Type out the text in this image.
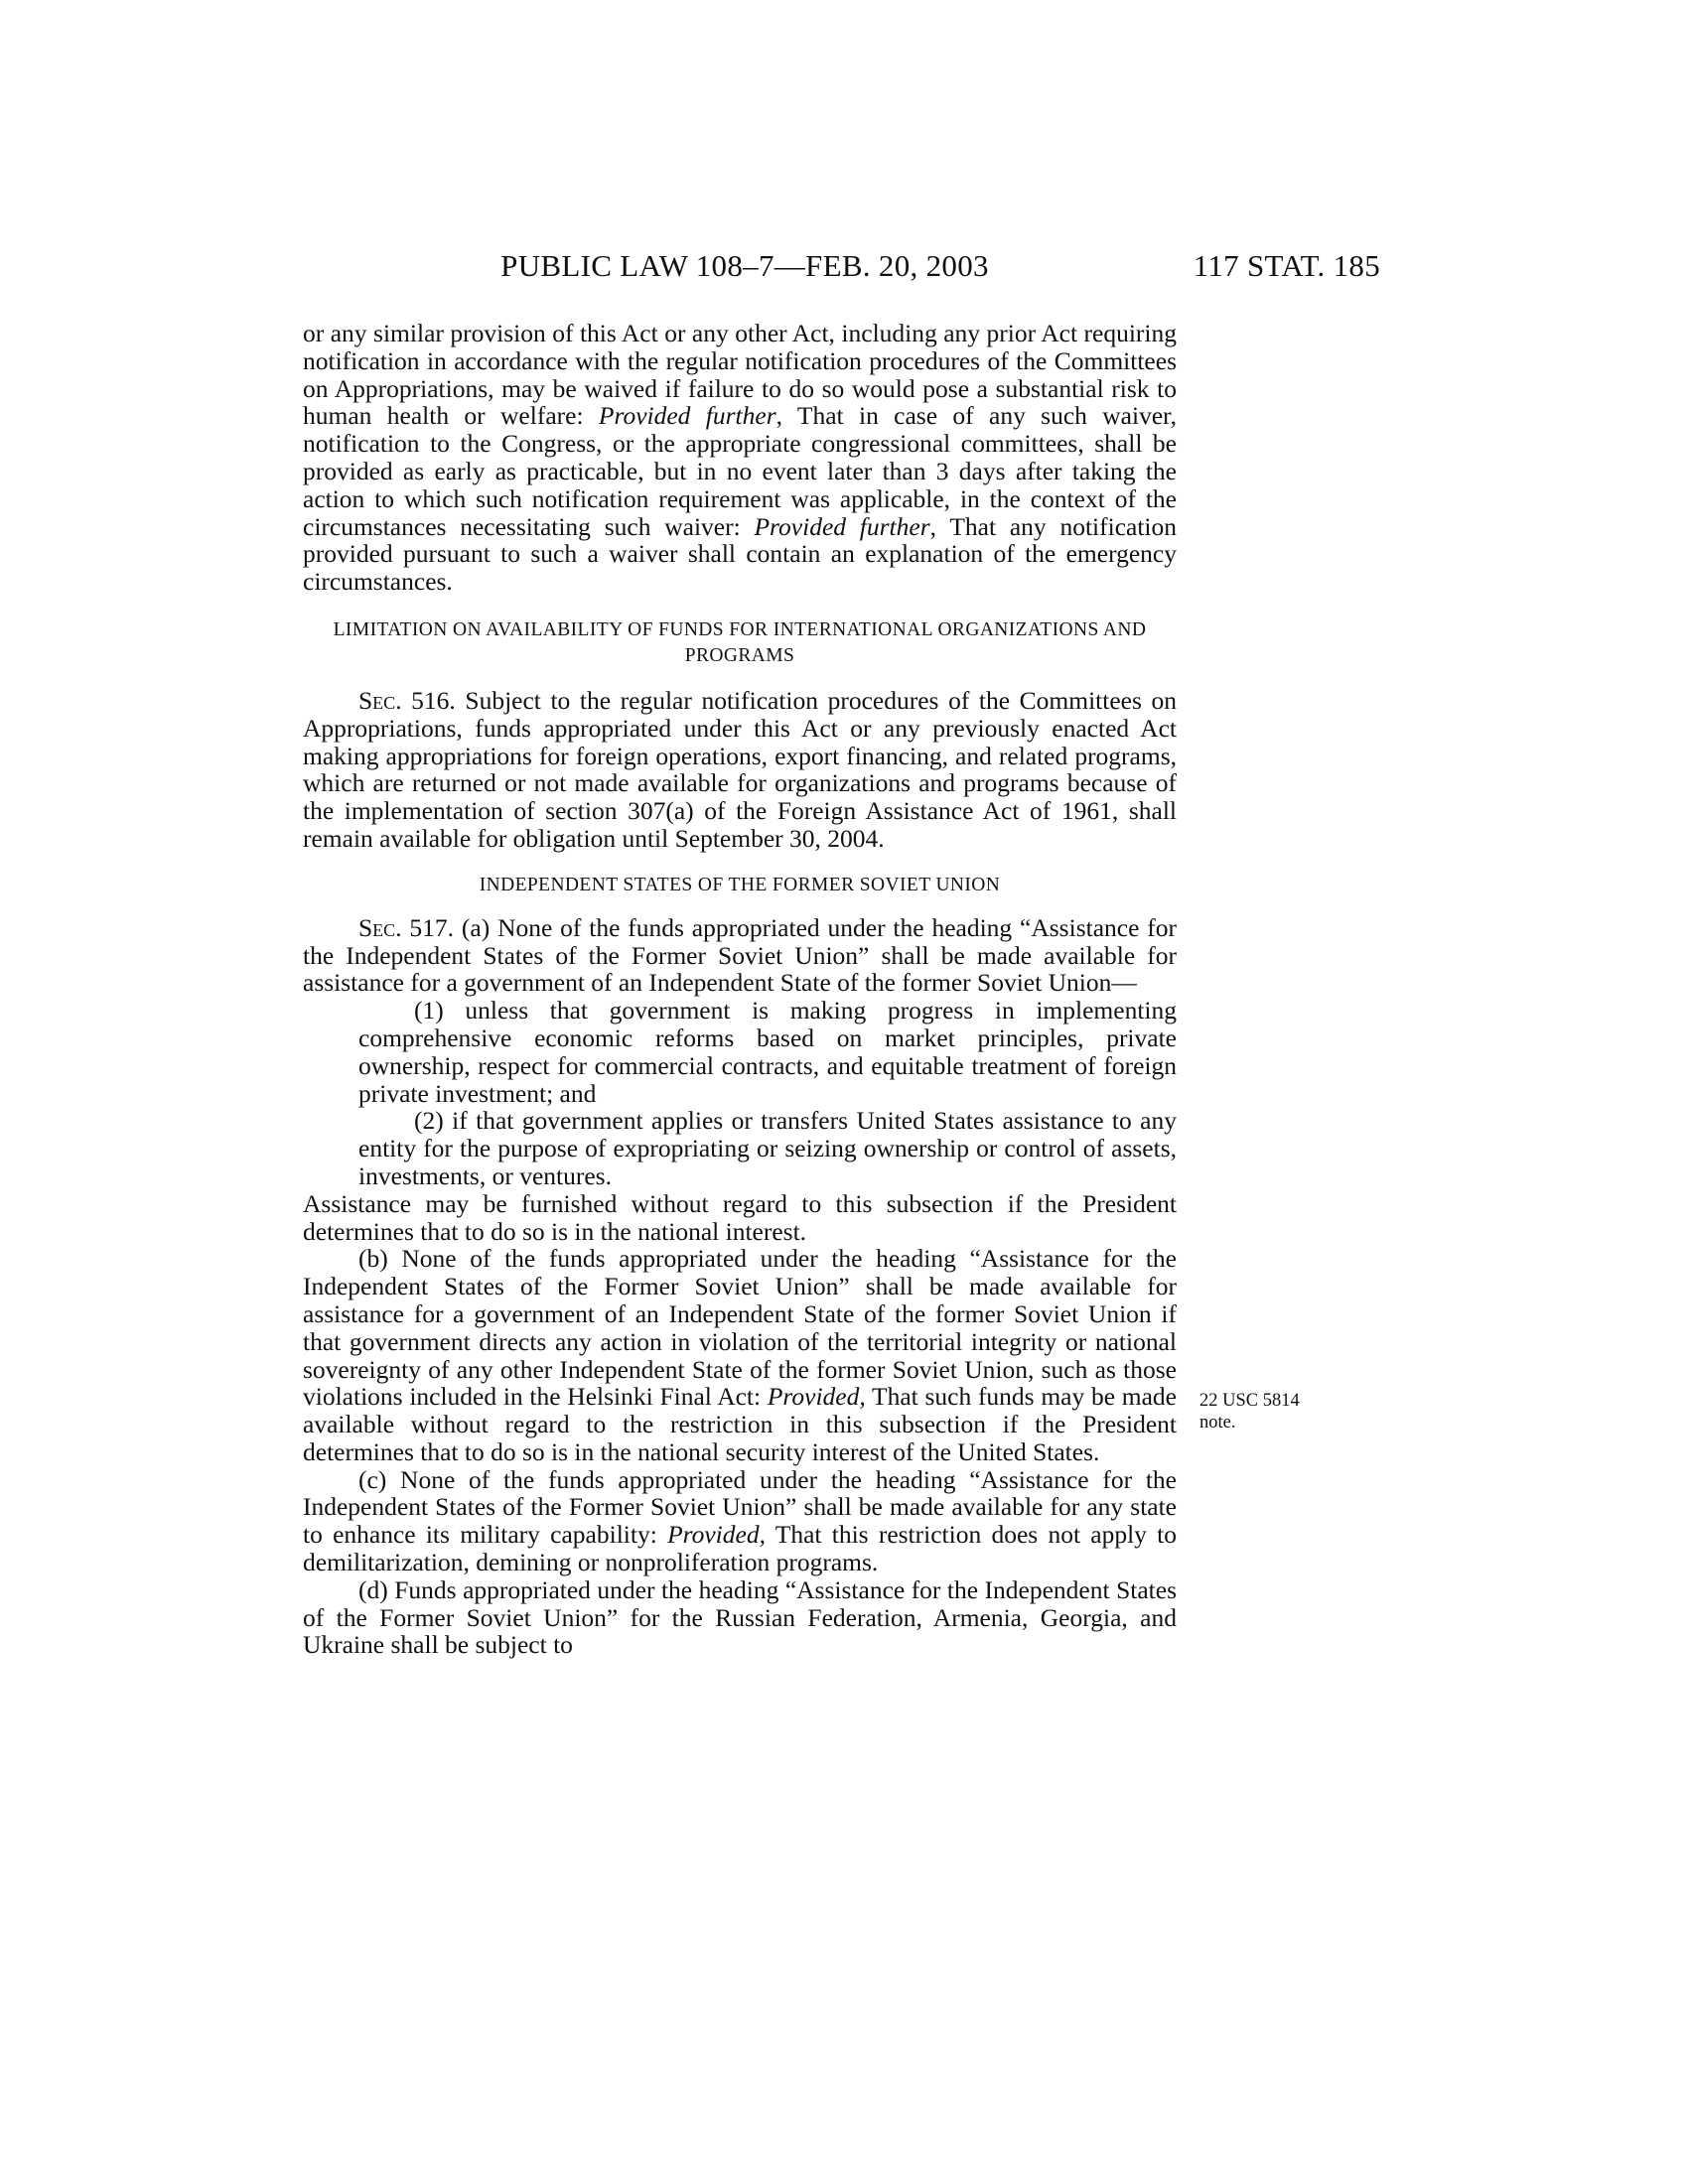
PUBLIC LAW 108–7—FEB. 20, 2003	117 STAT. 185

or any similar provision of this Act or any other Act, including any prior Act requiring notification in accordance with the regular notification procedures of the Committees on Appropriations, may be waived if failure to do so would pose a substantial risk to human health or welfare: Provided further, That in case of any such waiver, notification to the Congress, or the appropriate congressional committees, shall be provided as early as practicable, but in no event later than 3 days after taking the action to which such notification requirement was applicable, in the context of the circumstances necessitating such waiver: Provided further, That any notification provided pursuant to such a waiver shall contain an explanation of the emergency circumstances.

LIMITATION ON AVAILABILITY OF FUNDS FOR INTERNATIONAL ORGANIZATIONS AND PROGRAMS

Sec. 516. Subject to the regular notification procedures of the Committees on Appropriations, funds appropriated under this Act or any previously enacted Act making appropriations for foreign operations, export financing, and related programs, which are returned or not made available for organizations and programs because of the implementation of section 307(a) of the Foreign Assistance Act of 1961, shall remain available for obligation until September 30, 2004.

INDEPENDENT STATES OF THE FORMER SOVIET UNION

Sec. 517. (a) None of the funds appropriated under the heading “Assistance for the Independent States of the Former Soviet Union” shall be made available for assistance for a government of an Independent State of the former Soviet Union—

(1) unless that government is making progress in implementing comprehensive economic reforms based on market principles, private ownership, respect for commercial contracts, and equitable treatment of foreign private investment; and

(2) if that government applies or transfers United States assistance to any entity for the purpose of expropriating or seizing ownership or control of assets, investments, or ventures.

Assistance may be furnished without regard to this subsection if the President determines that to do so is in the national interest.

(b) None of the funds appropriated under the heading “Assistance for the Independent States of the Former Soviet Union” shall be made available for assistance for a government of an Independent State of the former Soviet Union if that government directs any action in violation of the territorial integrity or national sovereignty of any other Independent State of the former Soviet Union, such as those violations included in the Helsinki Final Act: Provided, That such funds may be made available without regard to the restriction in this subsection if the President determines that to do so is in the national security interest of the United States.

(c) None of the funds appropriated under the heading “Assistance for the Independent States of the Former Soviet Union” shall be made available for any state to enhance its military capability: Provided, That this restriction does not apply to demilitarization, demining or nonproliferation programs.

(d) Funds appropriated under the heading “Assistance for the Independent States of the Former Soviet Union” for the Russian Federation, Armenia, Georgia, and Ukraine shall be subject to

22 USC 5814
note.
